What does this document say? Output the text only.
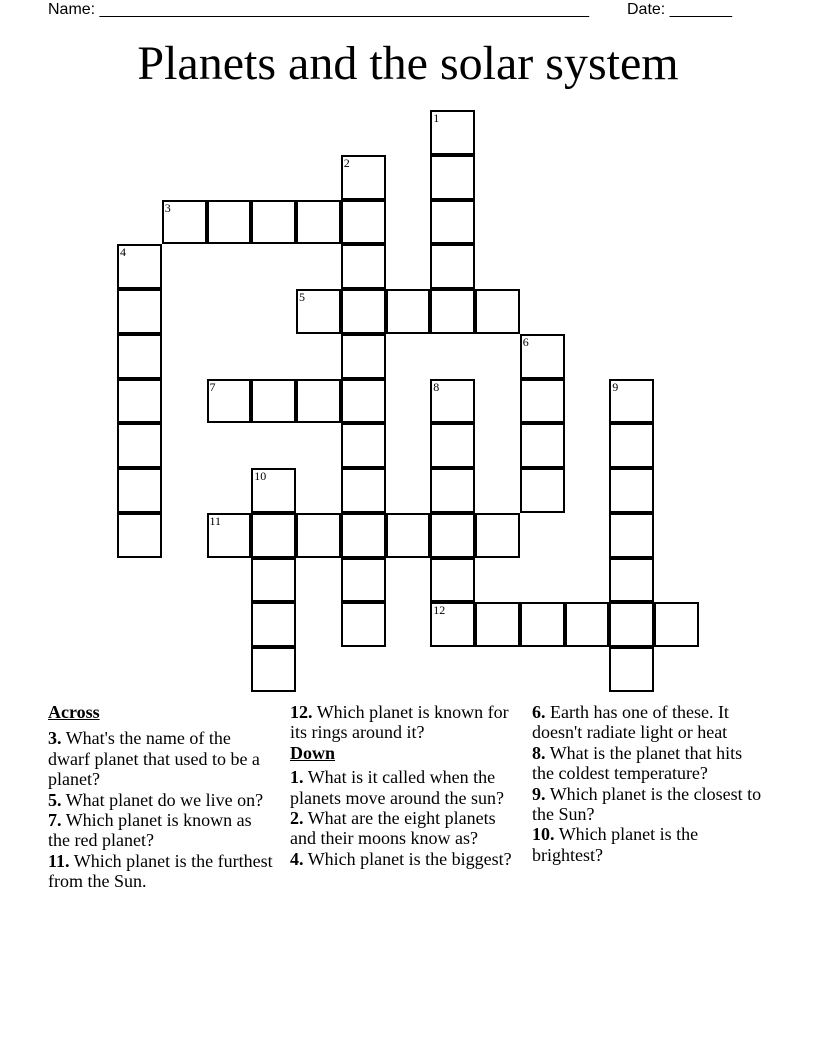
Name: _______________________________________________________ Date: _______
Planets and the solar system
1
2
3
4
5
6
7	8
12
9
10
11
Across
3. What's the name of the dwarf planet that used to be a planet?
5. What planet do we live on?
7. Which planet is known as the red planet?
11. Which planet is the furthest from the Sun.
12. Which planet is known for its rings around it?
Down
1. What is it called when the planets move around the sun?
2. What are the eight planets and their moons know as?
4. Which planet is the biggest?
6. Earth has one of these. It doesn't radiate light or heat
8. What is the planet that hits the coldest temperature?
9. Which planet is the closest to the Sun?
10. Which planet is the brightest?
